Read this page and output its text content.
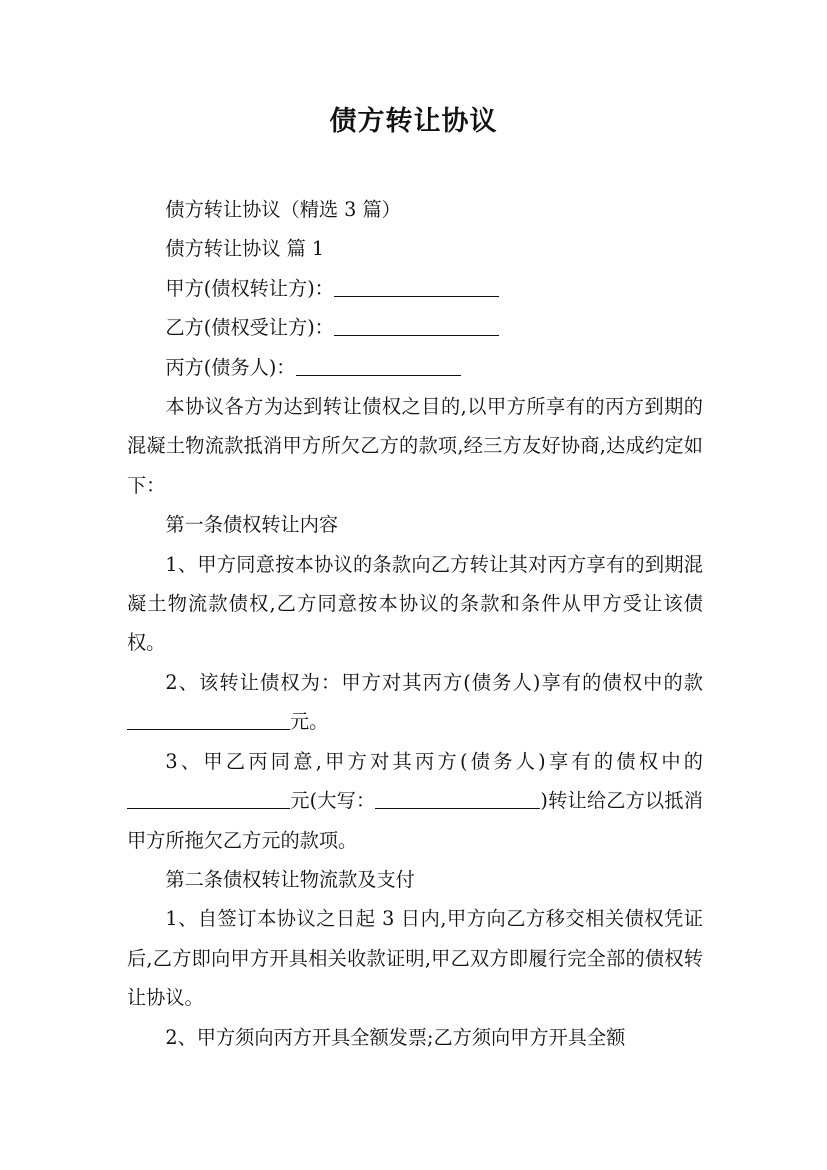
债方转让协议

债方转让协议（精选 3 篇）

债方转让协议 篇 1

甲方(债权转让方)：

乙方(债权受让方)：

丙方(债务人)：

本协议各方为达到转让债权之目的,以甲方所享有的丙方到期的混凝土物流款抵消甲方所欠乙方的款项,经三方友好协商,达成约定如下：

第一条债权转让内容

1、甲方同意按本协议的条款向乙方转让其对丙方享有的到期混凝土物流款债权,乙方同意按本协议的条款和条件从甲方受让该债权。

2、该转让债权为：甲方对其丙方(债务人)享有的债权中的款元。

3、甲乙丙同意,甲方对其丙方(债务人)享有的债权中的元(大写：	)转让给乙方以抵消甲方所拖欠乙方元的款项。

第二条债权转让物流款及支付

1、自签订本协议之日起 3 日内,甲方向乙方移交相关债权凭证后,乙方即向甲方开具相关收款证明,甲乙双方即履行完全部的债权转让协议。

2、甲方须向丙方开具全额发票;乙方须向甲方开具全额
